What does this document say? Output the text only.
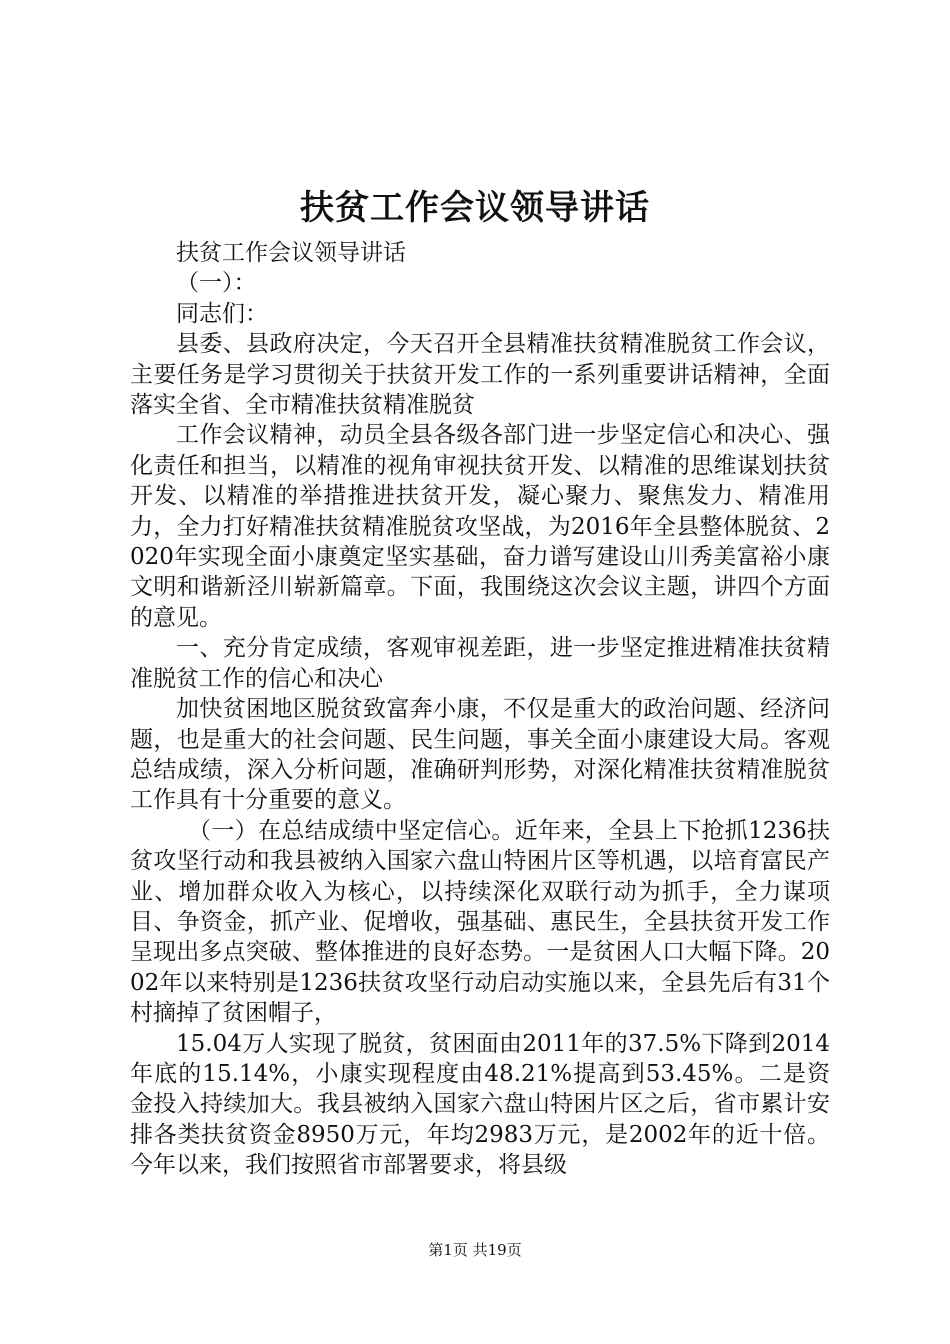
扶贫工作会议领导讲话

扶贫工作会议领导讲话

（一）：

同志们：

县委、县政府决定，今天召开全县精准扶贫精准脱贫工作会议，主要任务是学习贯彻关于扶贫开发工作的一系列重要讲话精神，全面落实全省、全市精准扶贫精准脱贫

工作会议精神，动员全县各级各部门进一步坚定信心和决心、强化责任和担当，以精准的视角审视扶贫开发、以精准的思维谋划扶贫开发、以精准的举措推进扶贫开发，凝心聚力、聚焦发力、精准用力，全力打好精准扶贫精准脱贫攻坚战，为2016年全县整体脱贫、2020年实现全面小康奠定坚实基础，奋力谱写建设山川秀美富裕小康文明和谐新泾川崭新篇章。下面，我围绕这次会议主题，讲四个方面的意见。

一、充分肯定成绩，客观审视差距，进一步坚定推进精准扶贫精准脱贫工作的信心和决心

加快贫困地区脱贫致富奔小康，不仅是重大的政治问题、经济问题，也是重大的社会问题、民生问题，事关全面小康建设大局。客观总结成绩，深入分析问题，准确研判形势，对深化精准扶贫精准脱贫工作具有十分重要的意义。

（一）在总结成绩中坚定信心。近年来，全县上下抢抓1236扶贫攻坚行动和我县被纳入国家六盘山特困片区等机遇，以培育富民产业、增加群众收入为核心，以持续深化双联行动为抓手，全力谋项目、争资金，抓产业、促增收，强基础、惠民生，全县扶贫开发工作呈现出多点突破、整体推进的良好态势。一是贫困人口大幅下降。2002年以来特别是1236扶贫攻坚行动启动实施以来，全县先后有31个村摘掉了贫困帽子，

15.04万人实现了脱贫，贫困面由2011年的37.5%下降到2014年底的15.14%，小康实现程度由48.21%提高到53.45%。二是资金投入持续加大。我县被纳入国家六盘山特困片区之后，省市累计安排各类扶贫资金8950万元，年均2983万元，是2002年的近十倍。今年以来，我们按照省市部署要求，将县级

第1页 共19页
